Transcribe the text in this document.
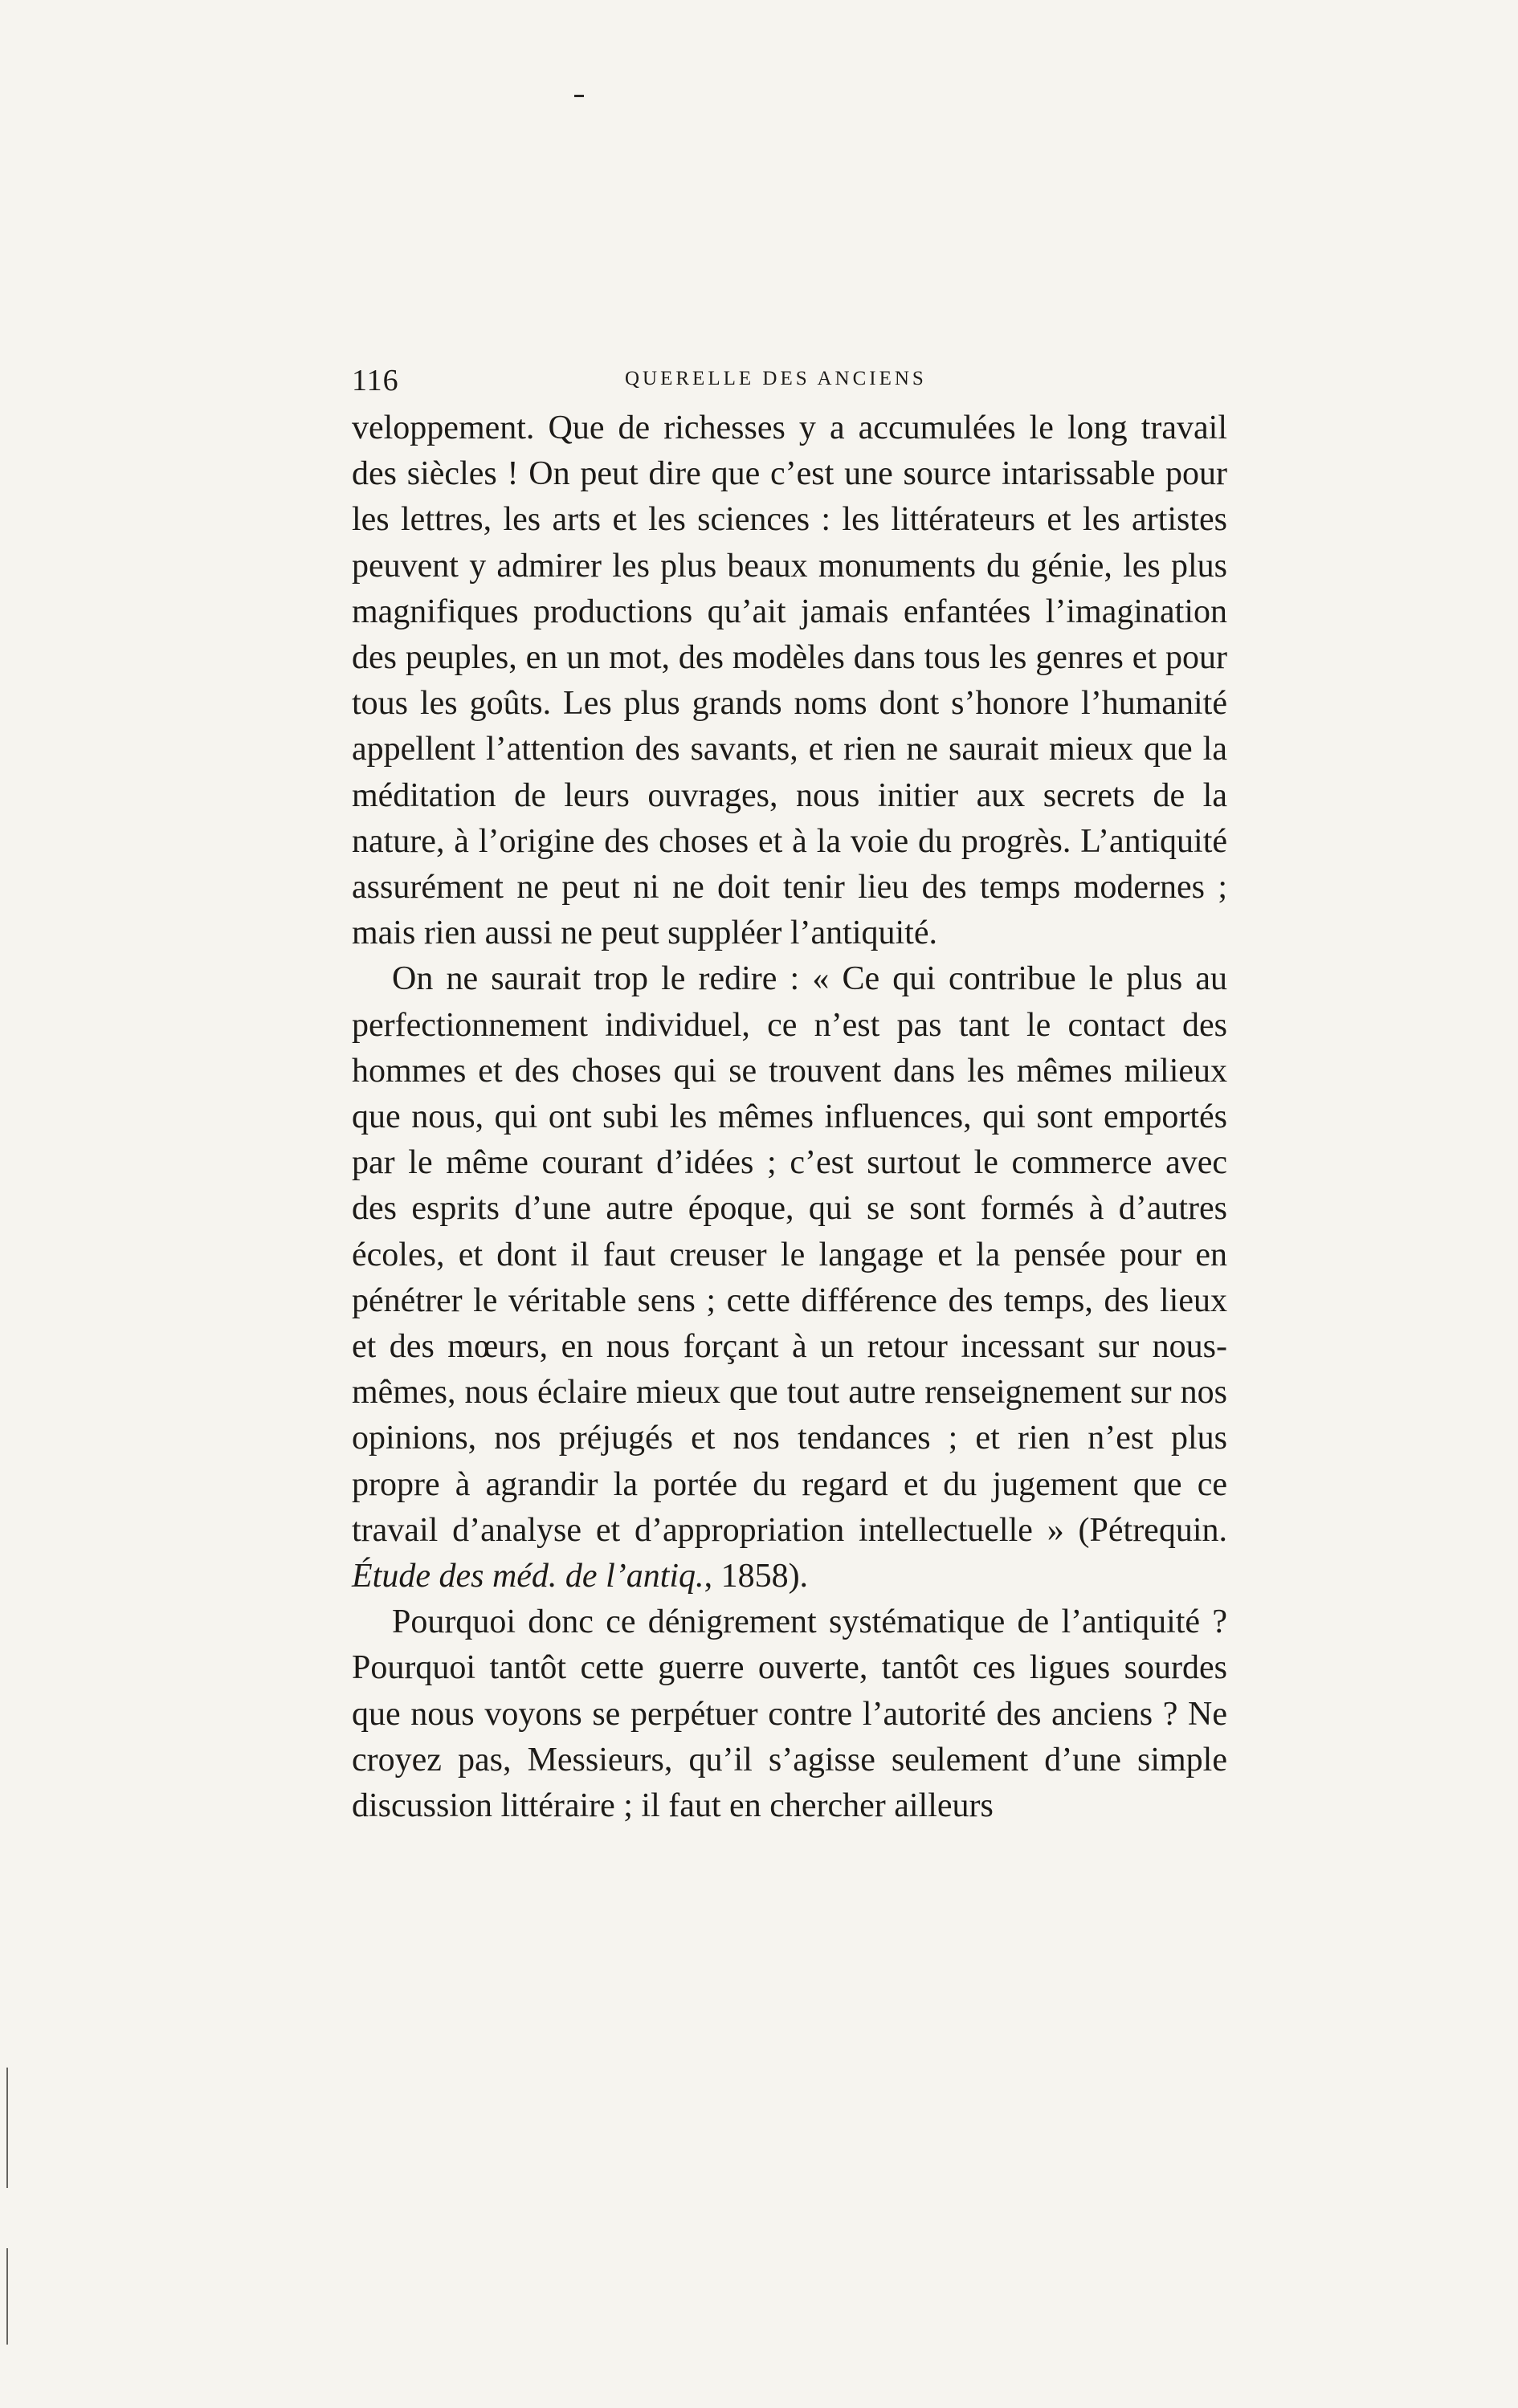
116	QUERELLE DES ANCIENS

veloppement. Que de richesses y a accumulées le long travail des siècles ! On peut dire que c’est une source intarissable pour les lettres, les arts et les sciences : les littérateurs et les artistes peuvent y admirer les plus beaux monuments du génie, les plus magnifiques productions qu’ait jamais enfantées l’imagination des peuples, en un mot, des modèles dans tous les genres et pour tous les goûts. Les plus grands noms dont s’honore l’humanité appellent l’attention des savants, et rien ne saurait mieux que la méditation de leurs ouvrages, nous initier aux secrets de la nature, à l’origine des choses et à la voie du progrès. L’antiquité assurément ne peut ni ne doit tenir lieu des temps modernes ; mais rien aussi ne peut suppléer l’antiquité.

On ne saurait trop le redire : « Ce qui contribue le plus au perfectionnement individuel, ce n’est pas tant le contact des hommes et des choses qui se trouvent dans les mêmes milieux que nous, qui ont subi les mêmes influences, qui sont emportés par le même courant d’idées ; c’est surtout le commerce avec des esprits d’une autre époque, qui se sont formés à d’autres écoles, et dont il faut creuser le langage et la pensée pour en pénétrer le véritable sens ; cette différence des temps, des lieux et des mœurs, en nous forçant à un retour incessant sur nous-mêmes, nous éclaire mieux que tout autre renseignement sur nos opinions, nos préjugés et nos tendances ; et rien n’est plus propre à agrandir la portée du regard et du jugement que ce travail d’analyse et d’appropriation intellectuelle » (Pétrequin. Étude des méd. de l’antiq., 1858).

Pourquoi donc ce dénigrement systématique de l’antiquité ? Pourquoi tantôt cette guerre ouverte, tantôt ces ligues sourdes que nous voyons se perpétuer contre l’autorité des anciens ? Ne croyez pas, Messieurs, qu’il s’agisse seulement d’une simple discussion littéraire ; il faut en chercher ailleurs
